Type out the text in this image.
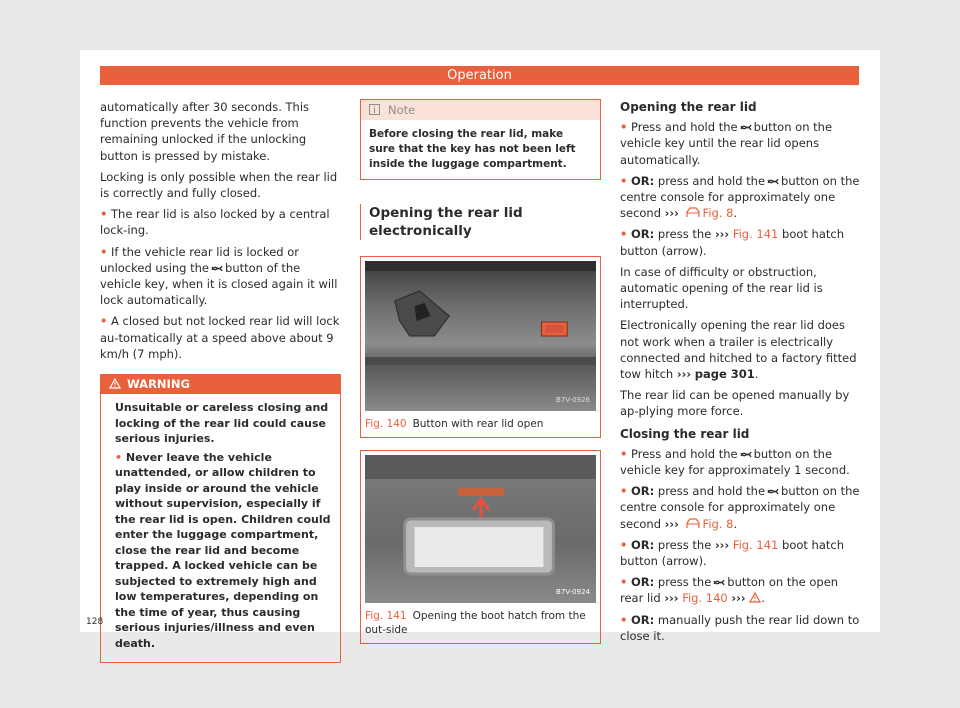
Operation

automatically after 30 seconds. This function prevents the vehicle from remaining unlocked if the unlocking button is pressed by mistake.

Locking is only possible when the rear lid is correctly and fully closed.

• The rear lid is also locked by a central lock-ing.

• If the vehicle rear lid is locked or unlocked using the button of the vehicle key, when it is closed again it will lock automatically.

• A closed but not locked rear lid will lock au-tomatically at a speed above about 9 km/h (7 mph).

WARNING

Unsuitable or careless closing and locking of the rear lid could cause serious injuries.

• Never leave the vehicle unattended, or allow children to play inside or around the vehicle without supervision, especially if the rear lid is open. Children could enter the luggage compartment, close the rear lid and become trapped. A locked vehicle can be subjected to extremely high and low temperatures, depending on the time of year, thus causing serious injuries/illness and even death.

Note
Before closing the rear lid, make sure that the key has not been left inside the luggage compartment.
Opening the rear lid electronically
B7V-0926
Fig. 140 Button with rear lid open
B7V-0924
Fig. 141 Opening the boot hatch from the out-side
Opening the rear lid

• Press and hold the button on the vehicle key until the rear lid opens automatically.

• OR: press and hold the button on the centre console for approximately one second ››› Fig. 8.

• OR: press the ››› Fig. 141 boot hatch button (arrow).

In case of difficulty or obstruction, automatic opening of the rear lid is interrupted.

Electronically opening the rear lid does not work when a trailer is electrically connected and hitched to a factory fitted tow hitch ››› page 301.

The rear lid can be opened manually by ap-plying more force.

Closing the rear lid

• Press and hold the button on the vehicle key for approximately 1 second.

• OR: press and hold the button on the centre console for approximately one second ››› Fig. 8.

• OR: press the ››› Fig. 141 boot hatch button (arrow).

• OR: press the button on the open rear lid ››› Fig. 140 ››› .

• OR: manually push the rear lid down to close it.

128
